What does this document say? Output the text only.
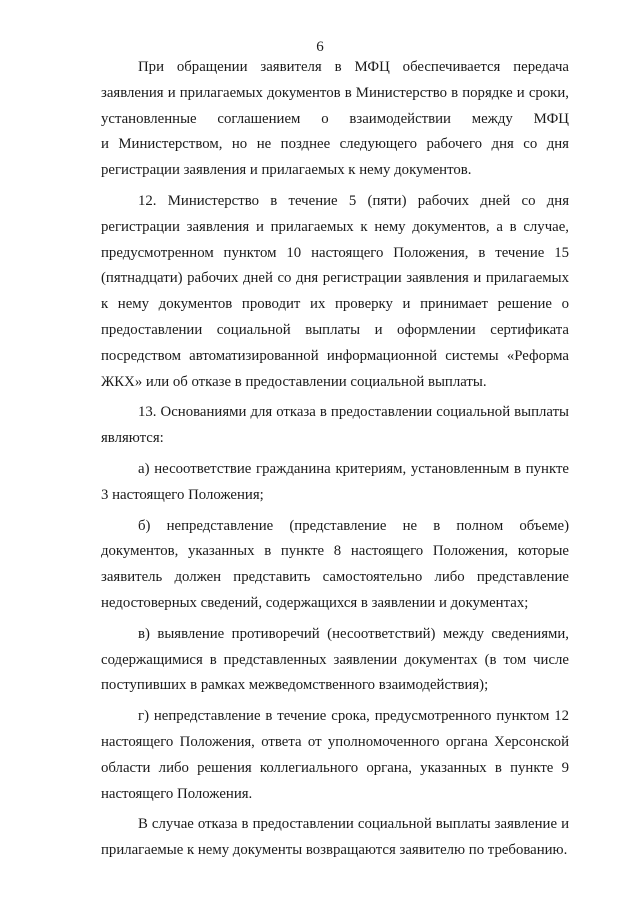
6

При обращении заявителя в МФЦ обеспечивается передача
заявления и прилагаемых документов в Министерство в порядке и сроки,
установленные соглашением о взаимодействии между МФЦ
и Министерством, но не позднее следующего рабочего дня со дня
регистрации заявления и прилагаемых к нему документов.

12. Министерство в течение 5 (пяти) рабочих дней со дня
регистрации заявления и прилагаемых к нему документов, а в случае,
предусмотренном пунктом 10 настоящего Положения, в течение 15
(пятнадцати) рабочих дней со дня регистрации заявления и прилагаемых
к нему документов проводит их проверку и принимает решение о
предоставлении социальной выплаты и оформлении сертификата
посредством автоматизированной информационной системы «Реформа
ЖКХ» или об отказе в предоставлении социальной выплаты.

13. Основаниями для отказа в предоставлении социальной выплаты
являются:

а) несоответствие гражданина критериям, установленным в пункте
3 настоящего Положения;

б) непредставление (представление не в полном объеме)
документов, указанных в пункте 8 настоящего Положения, которые
заявитель должен представить самостоятельно либо представление
недостоверных сведений, содержащихся в заявлении и документах;

в) выявление противоречий (несоответствий) между сведениями,
содержащимися в представленных заявлении документах (в том числе
поступивших в рамках межведомственного взаимодействия);

г) непредставление в течение срока, предусмотренного пунктом 12
настоящего Положения, ответа от уполномоченного органа Херсонской
области либо решения коллегиального органа, указанных в пункте 9
настоящего Положения.

В случае отказа в предоставлении социальной выплаты заявление и
прилагаемые к нему документы возвращаются заявителю по требованию.
